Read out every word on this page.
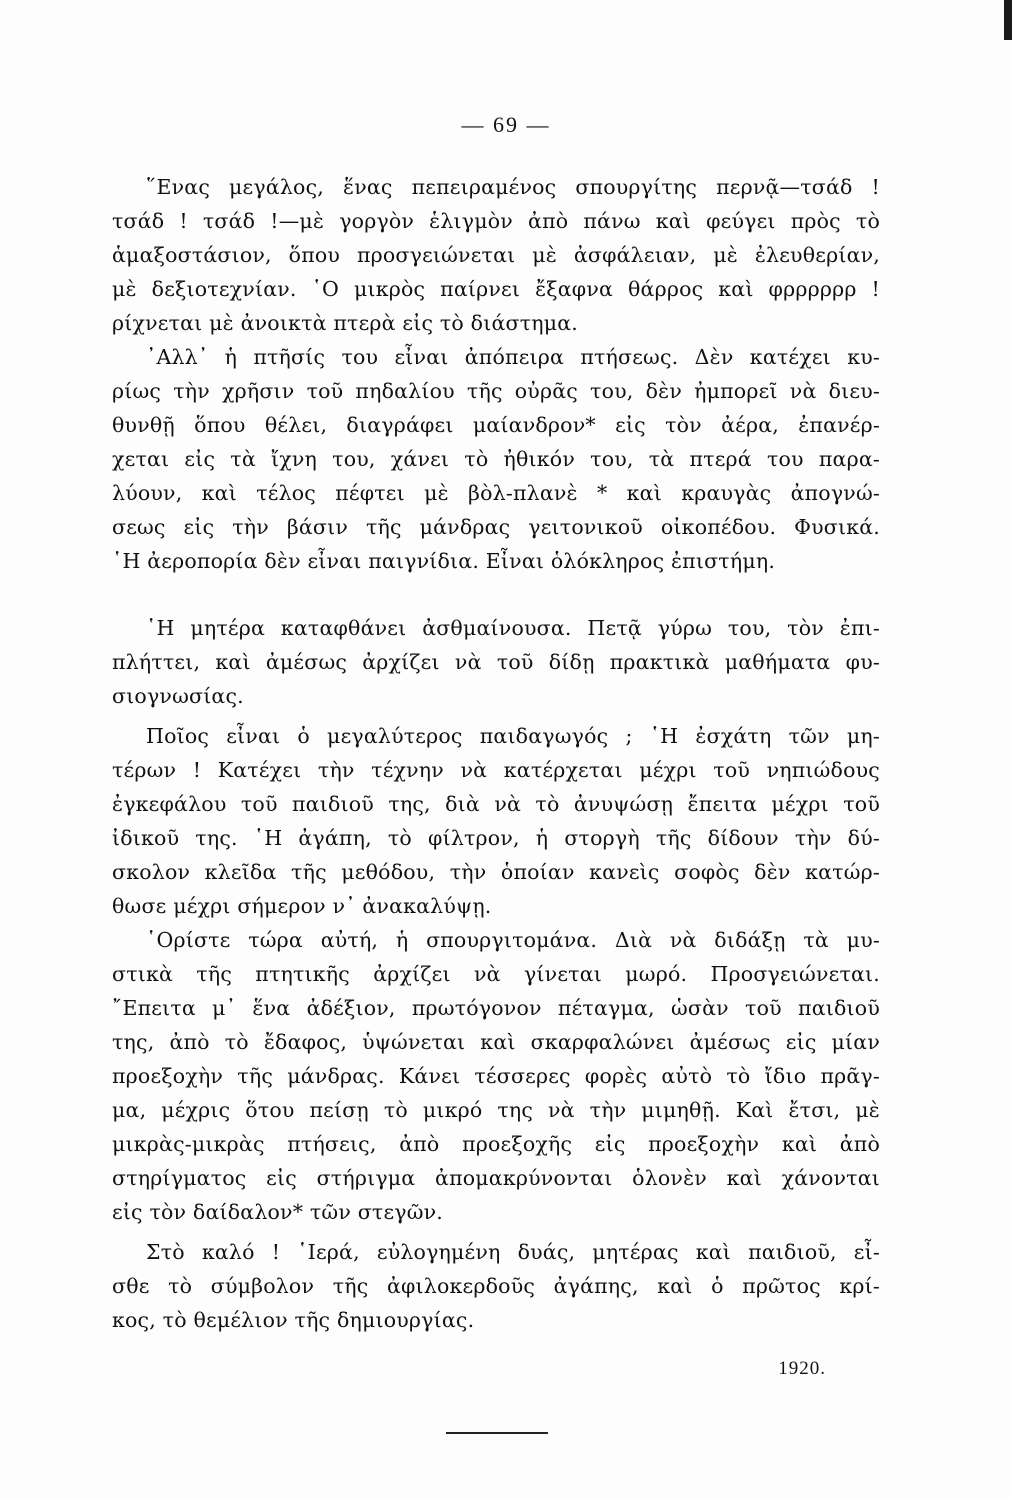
— 69 —

῞Ενας μεγάλος, ἕνας πεπειραμένος σπουργίτης περνᾷ—τσάδ !
τσάδ ! τσάδ !—μὲ γοργὸν ἑλιγμὸν ἀπὸ πάνω καὶ φεύγει πρὸς τὸ
ἁμαξοστάσιον, ὅπου προσγειώνεται μὲ ἀσφάλειαν, μὲ ἐλευθερίαν,
μὲ δεξιοτεχνίαν. ῾Ο μικρὸς παίρνει ἔξαφνα θάρρος καὶ φρρρρρρ !
ρίχνεται μὲ ἀνοικτὰ πτερὰ εἰς τὸ διάστημα.

᾿Αλλ᾿ ἡ πτῆσίς του εἶναι ἀπόπειρα πτήσεως. Δὲν κατέχει κυ-
ρίως τὴν χρῆσιν τοῦ πηδαλίου τῆς οὐρᾶς του, δὲν ἠμπορεῖ νὰ διευ-
θυνθῇ ὅπου θέλει, διαγράφει μαίανδρον* εἰς τὸν ἀέρα, ἐπανέρ-
χεται εἰς τὰ ἴχνη του, χάνει τὸ ἠθικόν του, τὰ πτερά του παρα-
λύουν, καὶ τέλος πέφτει μὲ βὸλ-πλανὲ * καὶ κραυγὰς ἀπογνώ-
σεως εἰς τὴν βάσιν τῆς μάνδρας γειτονικοῦ οἰκοπέδου. Φυσικά.
῾Η ἀεροπορία δὲν εἶναι παιγνίδια. Εἶναι ὁλόκληρος ἐπιστήμη.

῾Η μητέρα καταφθάνει ἀσθμαίνουσα. Πετᾷ γύρω του, τὸν ἐπι-
πλήττει, καὶ ἀμέσως ἀρχίζει νὰ τοῦ δίδῃ πρακτικὰ μαθήματα φυ-
σιογνωσίας.

Ποῖος εἶναι ὁ μεγαλύτερος παιδαγωγός ; ῾Η ἐσχάτη τῶν μη-
τέρων ! Κατέχει τὴν τέχνην νὰ κατέρχεται μέχρι τοῦ νηπιώδους
ἐγκεφάλου τοῦ παιδιοῦ της, διὰ νὰ τὸ ἀνυψώσῃ ἔπειτα μέχρι τοῦ
ἰδικοῦ της. ῾Η ἀγάπη, τὸ φίλτρον, ἡ στοργὴ τῆς δίδουν τὴν δύ-
σκολον κλεῖδα τῆς μεθόδου, τὴν ὁποίαν κανεὶς σοφὸς δὲν κατώρ-
θωσε μέχρι σήμερον ν᾿ ἀνακαλύψῃ.

῾Ορίστε τώρα αὐτή, ἡ σπουργιτομάνα. Διὰ νὰ διδάξῃ τὰ μυ-
στικὰ τῆς πτητικῆς ἀρχίζει νὰ γίνεται μωρό. Προσγειώνεται.
῎Επειτα μ᾿ ἕνα ἀδέξιον, πρωτόγονον πέταγμα, ὡσὰν τοῦ παιδιοῦ
της, ἀπὸ τὸ ἔδαφος, ὑψώνεται καὶ σκαρφαλώνει ἀμέσως εἰς μίαν
προεξοχὴν τῆς μάνδρας. Κάνει τέσσερες φορὲς αὐτὸ τὸ ἴδιο πρᾶγ-
μα, μέχρις ὅτου πείσῃ τὸ μικρό της νὰ τὴν μιμηθῇ. Καὶ ἔτσι, μὲ
μικρὰς-μικρὰς πτήσεις, ἀπὸ προεξοχῆς εἰς προεξοχὴν καὶ ἀπὸ
στηρίγματος εἰς στήριγμα ἀπομακρύνονται ὁλονὲν καὶ χάνονται
εἰς τὸν δαίδαλον* τῶν στεγῶν.

Στὸ καλό ! ῾Ιερά, εὐλογημένη δυάς, μητέρας καὶ παιδιοῦ, εἶ-
σθε τὸ σύμβολον τῆς ἀφιλοκερδοῦς ἀγάπης, καὶ ὁ πρῶτος κρί-
κος, τὸ θεμέλιον τῆς δημιουργίας.

1920.
